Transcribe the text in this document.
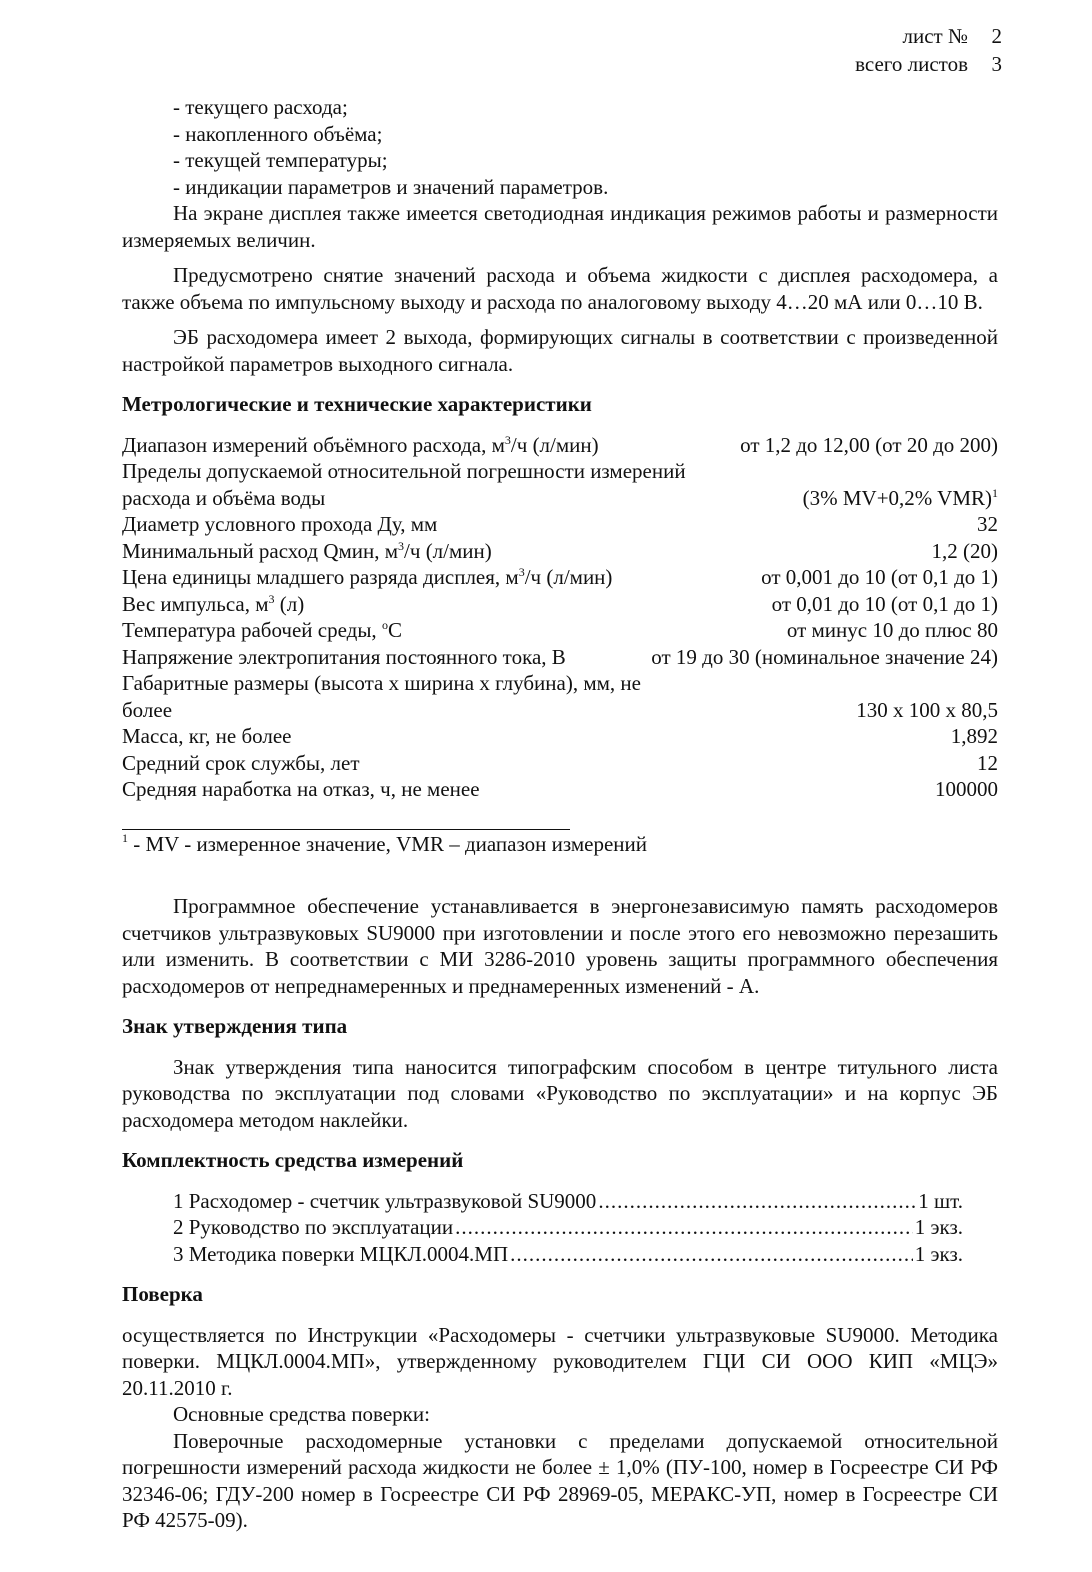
лист № 2
всего листов 3

- текущего расхода;

- накопленного объёма;

- текущей температуры;

- индикации параметров и значений параметров.

На экране дисплея также имеется светодиодная индикация режимов работы и размерности измеряемых величин.

Предусмотрено снятие значений расхода и объема жидкости с дисплея расходомера, а также объема по импульсному выходу и расхода по аналоговому выходу 4…20 мА или 0…10 В.

ЭБ расходомера имеет 2 выхода, формирующих сигналы в соответствии с произведенной настройкой параметров выходного сигнала.

Метрологические и технические характеристики

Диапазон измерений объёмного расхода, $м^3/ч$ (л/мин)	от 1,2 до 12,00 (от 20 до 200)
Пределы допускаемой относительной погрешности измерений	
расхода и объёма воды	(3% MV+0,2% VMR)$^1$
Диаметр условного прохода Ду, мм	32
Минимальный расход Qмин, $м^3/ч$ (л/мин)	1,2 (20)
Цена единицы младшего разряда дисплея, $м^3/ч$ (л/мин)	от 0,001 до 10 (от 0,1 до 1)
Вес импульса, $м^3$ (л)	от 0,01 до 10 (от 0,1 до 1)
Температура рабочей среды, $^о$С	от минус 10 до плюс 80
Напряжение электропитания постоянного тока, В	от 19 до 30 (номинальное значение 24)
Габаритные размеры (высота х ширина х глубина), мм, не более	130 х 100 х 80,5
Масса, кг, не более	1,892
Средний срок службы, лет	12
Средняя наработка на отказ, ч, не менее	100000
$^1$ - MV - измеренное значение, VMR – диапазон измерений

Программное обеспечение устанавливается в энергонезависимую память расходомеров счетчиков ультразвуковых SU9000 при изготовлении и после этого его невозможно перезашить или изменить. В соответствии с МИ 3286-2010 уровень защиты программного обеспечения расходомеров от непреднамеренных и преднамеренных изменений - А.

Знак утверждения типа

Знак утверждения типа наносится типографским способом в центре титульного листа руководства по эксплуатации под словами «Руководство по эксплуатации» и на корпус ЭБ расходомера методом наклейки.

Комплектность средства измерений

1 Расходомер - счетчик ультразвуковой SU9000 .....	1 шт.
2 Руководство по эксплуатации .....	1 экз.
3 Методика поверки МЦКЛ.0004.МП .....	1 экз.

Поверка

осуществляется по Инструкции «Расходомеры - счетчики ультразвуковые SU9000. Методика поверки. МЦКЛ.0004.МП», утвержденному руководителем ГЦИ СИ ООО КИП «МЦЭ» 20.11.2010 г.

Основные средства поверки:

Поверочные расходомерные установки с пределами допускаемой относительной погрешности измерений расхода жидкости не более ± 1,0% (ПУ-100, номер в Госреестре СИ РФ 32346-06; ГДУ-200 номер в Госреестре СИ РФ 28969-05, МЕРАКС-УП, номер в Госреестре СИ РФ 42575-09).
